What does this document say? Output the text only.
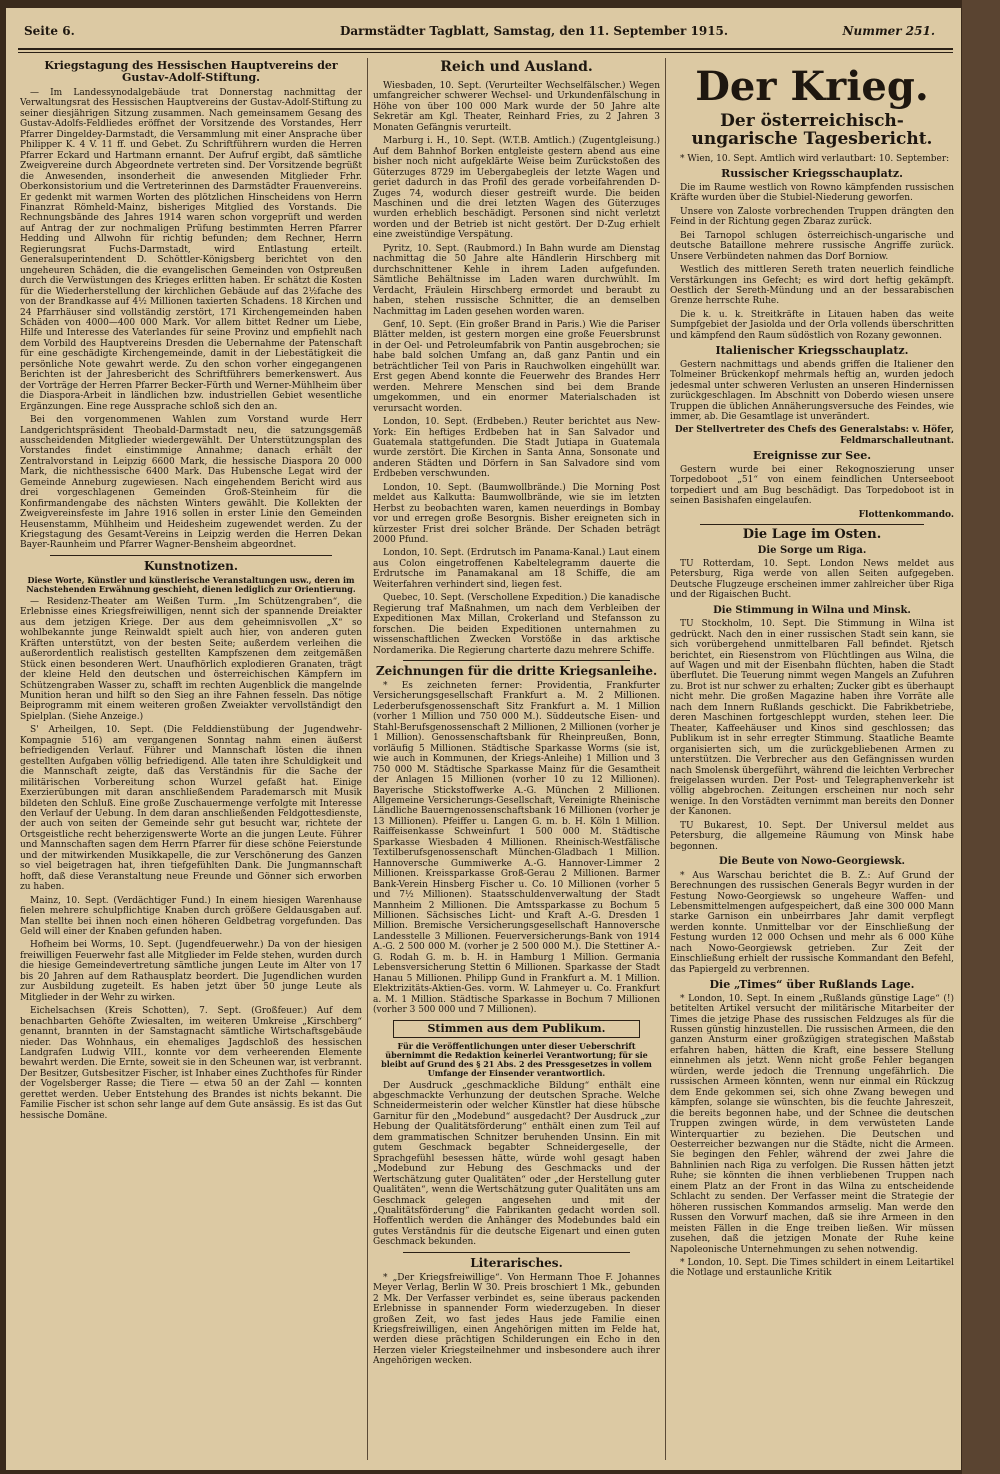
Seite 6.	Darmstädter Tagblatt, Samstag, den 11. September 1915.	Nummer 251.
Kriegstagung des Hessischen Hauptvereins der Gustav-Adolf-Stiftung.

— Im Landessynodalgebäude trat Donnerstag nachmittag der Verwaltungsrat des Hessischen Hauptvereins der Gustav-Adolf-Stiftung zu seiner diesjährigen Sitzung zusammen. Nach gemeinsamem Gesang des Gustav-Adolfs-Feldliedes eröffnet der Vorsitzende des Vorstandes, Herr Pfarrer Dingeldey-Darmstadt, die Versammlung mit einer Ansprache über Philipper K. 4 V. 11 ff. und Gebet. Zu Schriftführern wurden die Herren Pfarrer Eckard und Hartmann ernannt. Der Aufruf ergibt, daß sämtliche Zweigvereine durch Abgeordnete vertreten sind. Der Vorsitzende begrüßt die Anwesenden, insonderheit die anwesenden Mitglieder Frhr. Oberkonsistorium und die Vertreterinnen des Darmstädter Frauenvereins. Er gedenkt mit warmen Worten des plötzlichen Hinscheidens von Herrn Finanzrat Römheld-Mainz, bisheriges Mitglied des Vorstands. Die Rechnungsbände des Jahres 1914 waren schon vorgeprüft und werden auf Antrag der zur nochmaligen Prüfung bestimmten Herren Pfarrer Hedding und Allwohn für richtig befunden; dem Rechner, Herrn Regierungsrat Fuchs-Darmstadt, wird Entlastung erteilt. Generalsuperintendent D. Schöttler-Königsberg berichtet von den ungeheuren Schäden, die die evangelischen Gemeinden von Ostpreußen durch die Verwüstungen des Krieges erlitten haben. Er schätzt die Kosten für die Wiederherstellung der kirchlichen Gebäude auf das 2½fache des von der Brandkasse auf 4½ Millionen taxierten Schadens. 18 Kirchen und 24 Pfarrhäuser sind vollständig zerstört, 171 Kirchengemeinden haben Schäden von 4000—400 000 Mark. Vor allem bittet Redner um Liebe, Hilfe und Interesse des Vaterlandes für seine Provinz und empfiehlt nach dem Vorbild des Hauptvereins Dresden die Uebernahme der Patenschaft für eine geschädigte Kirchengemeinde, damit in der Liebestätigkeit die persönliche Note gewahrt werde. Zu den schon vorher eingegangenen Berichten ist der Jahresbericht des Schriftführers bemerkenswert. Aus der Vorträge der Herren Pfarrer Becker-Fürth und Werner-Mühlheim über die Diaspora-Arbeit in ländlichen bzw. industriellen Gebiet wesentliche Ergänzungen. Eine rege Aussprache schloß sich den an.

Bei den vorgenommenen Wahlen zum Vorstand wurde Herr Landgerichtspräsident Theobald-Darmstadt neu, die satzungsgemäß ausscheidenden Mitglieder wiedergewählt. Der Unterstützungsplan des Vorstandes findet einstimmige Annahme; danach erhält der Zentralvorstand in Leipzig 6600 Mark, die hessische Diaspora 20 000 Mark, die nichthessische 6400 Mark. Das Hubensche Legat wird der Gemeinde Anneburg zugewiesen. Nach eingehendem Bericht wird aus drei vorgeschlagenen Gemeinden Groß-Steinheim für die Konfirmandengabe des nächsten Winters gewählt. Die Kollekten der Zweigvereinsfeste im Jahre 1916 sollen in erster Linie den Gemeinden Heusenstamm, Mühlheim und Heidesheim zugewendet werden. Zu der Kriegstagung des Gesamt-Vereins in Leipzig werden die Herren Dekan Bayer-Raunheim und Pfarrer Wagner-Bensheim abgeordnet.

Kunstnotizen.
Diese Worte, Künstler und künstlerische Veranstaltungen usw., deren im Nachstehenden Erwähnung geschieht, dienen lediglich zur Orientierung.

— Residenz-Theater am Weißen Turm. „Im Schützengraben“, die Erlebnisse eines Kriegsfreiwilligen, nennt sich der spannende Dreiakter aus dem jetzigen Kriege. Der aus dem geheimnisvollen „X“ so wohlbekannte junge Reinwaldt spielt auch hier, von anderen guten Kräften unterstützt, von der besten Seite; außerdem verleihen die außerordentlich realistisch gestellten Kampfszenen dem zeitgemäßen Stück einen besonderen Wert. Unaufhörlich explodieren Granaten, trägt der kleine Held den deutschen und österreichischen Kämpfern im Schützengraben Wasser zu, schafft im rechten Augenblick die mangelnde Munition heran und hilft so den Sieg an ihre Fahnen fesseln. Das nötige Beiprogramm mit einem weiteren großen Zweiakter vervollständigt den Spielplan. (Siehe Anzeige.)

S' Arheilgen, 10. Sept. (Die Felddienstübung der Jugendwehr-Kompagnie 516) am vergangenen Sonntag nahm einen äußerst befriedigenden Verlauf. Führer und Mannschaft lösten die ihnen gestellten Aufgaben völlig befriedigend. Alle taten ihre Schuldigkeit und die Mannschaft zeigte, daß das Verständnis für die Sache der militärischen Vorbereitung schon Wurzel gefaßt hat. Einige Exerzierübungen mit daran anschließendem Parademarsch mit Musik bildeten den Schluß. Eine große Zuschauermenge verfolgte mit Interesse den Verlauf der Uebung. In dem daran anschließenden Feldgottesdienste, der auch von seiten der Gemeinde sehr gut besucht war, richtete der Ortsgeistliche recht beherzigenswerte Worte an die jungen Leute. Führer und Mannschaften sagen dem Herrn Pfarrer für diese schöne Feierstunde und der mitwirkenden Musikkapelle, die zur Verschönerung des Ganzen so viel beigetragen hat, ihren tiefgefühlten Dank. Die Jungmannschaft hofft, daß diese Veranstaltung neue Freunde und Gönner sich erworben zu haben.

Mainz, 10. Sept. (Verdächtiger Fund.) In einem hiesigen Warenhause fielen mehrere schulpflichtige Knaben durch größere Geldausgaben auf. Man stellte bei ihnen noch einen höheren Geldbetrag vorgefunden. Das Geld will einer der Knaben gefunden haben.

Hofheim bei Worms, 10. Sept. (Jugendfeuerwehr.) Da von der hiesigen freiwilligen Feuerwehr fast alle Mitglieder im Felde stehen, wurden durch die hiesige Gemeindevertretung sämtliche jungen Leute im Alter von 17 bis 20 Jahren auf dem Rathausplatz beordert. Die Jugendlichen wurden zur Ausbildung zugeteilt. Es haben jetzt über 50 junge Leute als Mitglieder in der Wehr zu wirken.

Eichelsachsen (Kreis Schotten), 7. Sept. (Großfeuer.) Auf dem benachbarten Gehöfte Zwiesalten, im weiteren Umkreise „Kirschberg“ genannt, brannten in der Samstagnacht sämtliche Wirtschaftsgebäude nieder. Das Wohnhaus, ein ehemaliges Jagdschloß des hessischen Landgrafen Ludwig VIII., konnte vor dem verheerenden Elemente bewahrt werden. Die Ernte, soweit sie in den Scheunen war, ist verbrannt. Der Besitzer, Gutsbesitzer Fischer, ist Inhaber eines Zuchthofes für Rinder der Vogelsberger Rasse; die Tiere — etwa 50 an der Zahl — konnten gerettet werden. Ueber Entstehung des Brandes ist nichts bekannt. Die Familie Fischer ist schon sehr lange auf dem Gute ansässig. Es ist das Gut hessische Domäne.

Reich und Ausland.

Wiesbaden, 10. Sept. (Verurteilter Wechselfälscher.) Wegen umfangreicher schwerer Wechsel- und Urkundenfälschung in Höhe von über 100 000 Mark wurde der 50 Jahre alte Sekretär am Kgl. Theater, Reinhard Fries, zu 2 Jahren 3 Monaten Gefängnis verurteilt.

Marburg i. H., 10. Sept. (W.T.B. Amtlich.) (Zugentgleisung.) Auf dem Bahnhof Borken entgleiste gestern abend aus eine bisher noch nicht aufgeklärte Weise beim Zurückstoßen des Güterzuges 8729 im Uebergabegleis der letzte Wagen und geriet dadurch in das Profil des gerade vorbeifahrenden D-Zuges 74, wodurch dieser gestreift wurde. Die beiden Maschinen und die drei letzten Wagen des Güterzuges wurden erheblich beschädigt. Personen sind nicht verletzt worden und der Betrieb ist nicht gestört. Der D-Zug erhielt eine zweistündige Verspätung.

Pyritz, 10. Sept. (Raubmord.) In Bahn wurde am Dienstag nachmittag die 50 Jahre alte Händlerin Hirschberg mit durchschnittener Kehle in ihrem Laden aufgefunden. Sämtliche Behältnisse im Laden waren durchwühlt. Im Verdacht, Fräulein Hirschberg ermordet und beraubt zu haben, stehen russische Schnitter, die an demselben Nachmittag im Laden gesehen worden waren.

Genf, 10. Sept. (Ein großer Brand in Paris.) Wie die Pariser Blätter melden, ist gestern morgen eine große Feuersbrunst in der Oel- und Petroleumfabrik von Pantin ausgebrochen; sie habe bald solchen Umfang an, daß ganz Pantin und ein beträchtlicher Teil von Paris in Rauchwolken eingehüllt war. Erst gegen Abend konnte die Feuerwehr des Brandes Herr werden. Mehrere Menschen sind bei dem Brande umgekommen, und ein enormer Materialschaden ist verursacht worden.

London, 10. Sept. (Erdbeben.) Reuter berichtet aus New-York: Ein heftiges Erdbeben hat in San Salvador und Guatemala stattgefunden. Die Stadt Jutiapa in Guatemala wurde zerstört. Die Kirchen in Santa Anna, Sonsonate und anderen Städten und Dörfern in San Salvadore sind vom Erdbeben verschwunden.

London, 10. Sept. (Baumwollbrände.) Die Morning Post meldet aus Kalkutta: Baumwollbrände, wie sie im letzten Herbst zu beobachten waren, kamen neuerdings in Bombay vor und erregen große Besorgnis. Bisher ereigneten sich in kürzester Frist drei solcher Brände. Der Schaden beträgt 2000 Pfund.

London, 10. Sept. (Erdrutsch im Panama-Kanal.) Laut einem aus Colon eingetroffenen Kabeltelegramm dauerte die Erdrutsche im Panamakanal am 18 Schiffe, die am Weiterfahren verhindert sind, liegen fest.

Quebec, 10. Sept. (Verschollene Expedition.) Die kanadische Regierung traf Maßnahmen, um nach dem Verbleiben der Expeditionen Max Millan, Crokerland und Stefansson zu forschen. Die beiden Expeditionen unternahmen zu wissenschaftlichen Zwecken Vorstöße in das arktische Nordamerika. Die Regierung charterte dazu mehrere Schiffe.

Zeichnungen für die dritte Kriegsanleihe.

* Es zeichneten ferner: Providentia, Frankfurter Versicherungsgesellschaft Frankfurt a. M. 2 Millionen. Lederberufsgenossenschaft Sitz Frankfurt a. M. 1 Million (vorher 1 Million und 750 000 M.). Süddeutsche Eisen- und Stahl-Berufsgenossenschaft 2 Millionen, 2 Millionen (vorher je 1 Million). Genossenschaftsbank für Rheinpreußen, Bonn, vorläufig 5 Millionen. Städtische Sparkasse Worms (sie ist, wie auch in Kommunen, der Kriegs-Anleihe) 1 Million und 3 750 000 M. Städtische Sparkasse Mainz für die Gesamtheit der Anlagen 15 Millionen (vorher 10 zu 12 Millionen). Bayerische Stickstoffwerke A.-G. München 2 Millionen. Allgemeine Versicherungs-Gesellschaft, Vereinigte Rheinische Ländliche Bauerngenossenschaftsbank 16 Millionen (vorher je 13 Millionen). Pfeiffer u. Langen G. m. b. H. Köln 1 Million. Raiffeisenkasse Schweinfurt 1 500 000 M. Städtische Sparkasse Wiesbaden 4 Millionen. Rheinisch-Westfälische Textilberufsgenossenschaft München-Gladbach 1 Million. Hannoversche Gummiwerke A.-G. Hannover-Limmer 2 Millionen. Kreissparkasse Groß-Gerau 2 Millionen. Barmer Bank-Verein Hinsberg Fischer u. Co. 10 Millionen (vorher 5 und 7½ Millionen). Staatsschuldenverwaltung der Stadt Mannheim 2 Millionen. Die Amtssparkasse zu Bochum 5 Millionen. Sächsisches Licht- und Kraft A.-G. Dresden 1 Million. Bremische Versicherungsgesellschaft Hannoversche Landesstelle 3 Millionen. Feuerversicherungs-Bank von 1914 A.-G. 2 500 000 M. (vorher je 2 500 000 M.). Die Stettiner A.-G. Rodah G. m. b. H. in Hamburg 1 Million. Germania Lebensversicherung Stettin 6 Millionen. Sparkasse der Stadt Hanau 5 Millionen. Philipp Gund in Frankfurt a. M. 1 Million. Elektrizitäts-Aktien-Ges. vorm. W. Lahmeyer u. Co. Frankfurt a. M. 1 Million. Städtische Sparkasse in Bochum 7 Millionen (vorher 3 500 000 und 7 Millionen).

Stimmen aus dem Publikum.
Für die Veröffentlichungen unter dieser Ueberschrift übernimmt die Redaktion keinerlei Verantwortung; für sie bleibt auf Grund des § 21 Abs. 2 des Pressgesetzes in vollem Umfange der Einsender verantwortlich.

Der Ausdruck „geschmackliche Bildung“ enthält eine abgeschmackte Verhunzung der deutschen Sprache. Welche Schneidermeisterin oder welcher Künstler hat diese hübsche Garnitur für den „Modebund“ ausgedacht? Der Ausdruck „zur Hebung der Qualitätsförderung“ enthält einen zum Teil auf dem grammatischen Schnitzer beruhenden Unsinn. Ein mit gutem Geschmack begabter Schneidergeselle, der Sprachgefühl besessen hätte, würde wohl gesagt haben „Modebund zur Hebung des Geschmacks und der Wertschätzung guter Qualitäten“ oder „der Herstellung guter Qualitäten“, wenn die Wertschätzung guter Qualitäten uns am Geschmack gelegen angesehen und mit der „Qualitätsförderung“ die Fabrikanten gedacht worden soll. Hoffentlich werden die Anhänger des Modebundes bald ein gutes Verständnis für die deutsche Eigenart und einen guten Geschmack bekunden.

Literarisches.

* „Der Kriegsfreiwillige“. Von Hermann Thoe F. Johannes Meyer Verlag, Berlin W 30. Preis broschiert 1 Mk., gebunden 2 Mk. Der Verfasser verbindet es, seine überaus packenden Erlebnisse in spannender Form wiederzugeben. In dieser großen Zeit, wo fast jedes Haus jede Familie einen Kriegsfreiwilligen, einen Angehörigen mitten im Felde hat, werden diese prächtigen Schilderungen ein Echo in den Herzen vieler Kriegsteilnehmer und insbesondere auch ihrer Angehörigen wecken.

Der Krieg.
Der österreichisch-ungarische Tagesbericht.

* Wien, 10. Sept. Amtlich wird verlautbart: 10. September:

Russischer Kriegsschauplatz.

Die im Raume westlich von Rowno kämpfenden russischen Kräfte wurden über die Stubiel-Niederung geworfen.

Unsere von Zaloste vorbrechenden Truppen drängten den Feind in der Richtung gegen Zbaraz zurück.

Bei Tarnopol schlugen österreichisch-ungarische und deutsche Bataillone mehrere russische Angriffe zurück. Unsere Verbündeten nahmen das Dorf Borniow.

Westlich des mittleren Sereth traten neuerlich feindliche Verstärkungen ins Gefecht; es wird dort heftig gekämpft. Oestlich der Sereth-Mündung und an der bessarabischen Grenze herrschte Ruhe.

Die k. u. k. Streitkräfte in Litauen haben das weite Sumpfgebiet der Jasiolda und der Orla vollends überschritten und kämpfend den Raum südöstlich von Rozany gewonnen.

Italienischer Kriegsschauplatz.

Gestern nachmittags und abends griffen die Italiener den Tolmeiner Brückenkopf mehrmals heftig an, wurden jedoch jedesmal unter schweren Verlusten an unseren Hindernissen zurückgeschlagen. Im Abschnitt von Doberdo wiesen unsere Truppen die üblichen Annäherungsversuche des Feindes, wie immer, ab. Die Gesamtlage ist unverändert.

Der Stellvertreter des Chefs des Generalstabs: v. Höfer, Feldmarschalleutnant.
Ereignisse zur See.

Gestern wurde bei einer Rekognoszierung unser Torpedoboot „51“ von einem feindlichen Unterseeboot torpediert und am Bug beschädigt. Das Torpedoboot ist in seinen Basishafen eingelaufen.

Flottenkommando.
Die Lage im Osten.
Die Sorge um Riga.

TU Rotterdam, 10. Sept. London News meldet aus Petersburg, Riga werde von allen Seiten aufgegeben. Deutsche Flugzeuge erscheinen immer zahlreicher über Riga und der Rigaischen Bucht.

Die Stimmung in Wilna und Minsk.

TU Stockholm, 10. Sept. Die Stimmung in Wilna ist gedrückt. Nach den in einer russischen Stadt sein kann, sie sich vorübergehend unmittelbaren Fall befindet. Rjetsch berichtet, ein Riesenstrom von Flüchtlingen aus Wilna, die auf Wagen und mit der Eisenbahn flüchten, haben die Stadt überflutet. Die Teuerung nimmt wegen Mangels an Zufuhren zu. Brot ist nur schwer zu erhalten; Zucker gibt es überhaupt nicht mehr. Die großen Magazine haben ihre Vorräte alle nach dem Innern Rußlands geschickt. Die Fabrikbetriebe, deren Maschinen fortgeschleppt wurden, stehen leer. Die Theater, Kaffeehäuser und Kinos sind geschlossen; das Publikum ist in sehr erregter Stimmung. Staatliche Beamte organisierten sich, um die zurückgebliebenen Armen zu unterstützen. Die Verbrecher aus den Gefängnissen wurden nach Smolensk übergeführt, während die leichten Verbrecher freigelassen wurden. Der Post- und Telegraphenverkehr ist völlig abgebrochen. Zeitungen erscheinen nur noch sehr wenige. In den Vorstädten vernimmt man bereits den Donner der Kanonen.

TU Bukarest, 10. Sept. Der Universul meldet aus Petersburg, die allgemeine Räumung von Minsk habe begonnen.

Die Beute von Nowo-Georgiewsk.

* Aus Warschau berichtet die B. Z.: Auf Grund der Berechnungen des russischen Generals Begyr wurden in der Festung Nowo-Georgiewsk so ungeheure Waffen- und Lebensmittelmengen aufgespeichert, daß eine 300 000 Mann starke Garnison ein unbeirrbares Jahr damit verpflegt werden konnte. Unmittelbar vor der Einschließung der Festung wurden 12 000 Ochsen und mehr als 6 000 Kühe nach Nowo-Georgiewsk getrieben. Zur Zeit der Einschließung erhielt der russische Kommandant den Befehl, das Papiergeld zu verbrennen.

Die „Times“ über Rußlands Lage.

* London, 10. Sept. In einem „Rußlands günstige Lage“ (!) betitelten Artikel versucht der militärische Mitarbeiter der Times die jetzige Phase des russischen Feldzuges als für die Russen günstig hinzustellen. Die russischen Armeen, die den ganzen Ansturm einer großzügigen strategischen Maßstab erfahren haben, hätten die Kraft, eine bessere Stellung einnehmen als jetzt. Wenn nicht große Fehler begangen würden, werde jedoch die Trennung ungefährlich. Die russischen Armeen könnten, wenn nur einmal ein Rückzug dem Ende gekommen sei, sich ohne Zwang bewegen und kämpfen, solange sie wünschten, bis die feuchte Jahreszeit, die bereits begonnen habe, und der Schnee die deutschen Truppen zwingen würde, in dem verwüsteten Lande Winterquartier zu beziehen. Die Deutschen und Oesterreicher bezwangen nur die Städte, nicht die Armeen. Sie begingen den Fehler, während der zwei Jahre die Bahnlinien nach Riga zu verfolgen. Die Russen hätten jetzt Ruhe; sie könnten die ihnen verbliebenen Truppen nach einem Platz an der Front in das Wilna zu entscheidende Schlacht zu senden. Der Verfasser meint die Strategie der höheren russischen Kommandos armselig. Man werde den Russen den Vorwurf machen, daß sie ihre Armeen in den meisten Fällen in die Enge treiben ließen. Wir müssen zusehen, daß die jetzigen Monate der Ruhe keine Napoleonische Unternehmungen zu sehen notwendig.

* London, 10. Sept. Die Times schildert in einem Leitartikel die Notlage und erstaunliche Kritik
